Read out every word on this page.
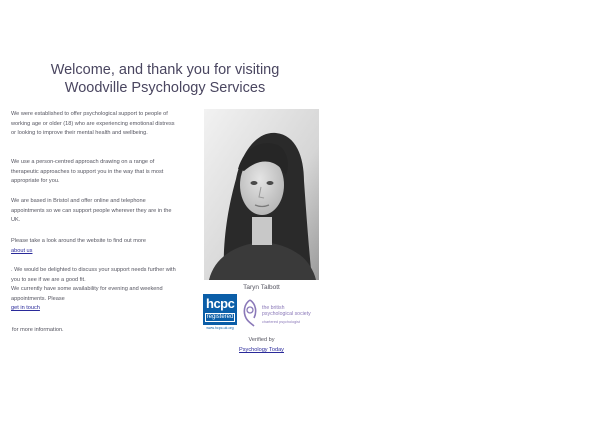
Welcome, and thank you for visiting Woodville Psychology Services

We were established to offer psychological support to people of working age or older (18) who are experiencing emotional distress or looking to improve their mental health and wellbeing.

We use a person-centred approach drawing on a range of therapeutic approaches to support you in the way that is most appropriate for you.

We are based in Bristol and offer online and telephone appointments so we can support people wherever they are in the UK.

Please take a look around the website to find out more
about us
. We would be delighted to discuss your support needs further with you to see if we are a good fit.
We currently have some availability for evening and weekend appointments. Please
get in touch

for more information.

Taryn Talbott
hcpc
registered
www.hcpc-uk.org
the british
psychological society
chartered psychologist
Verified by
Psychology Today
